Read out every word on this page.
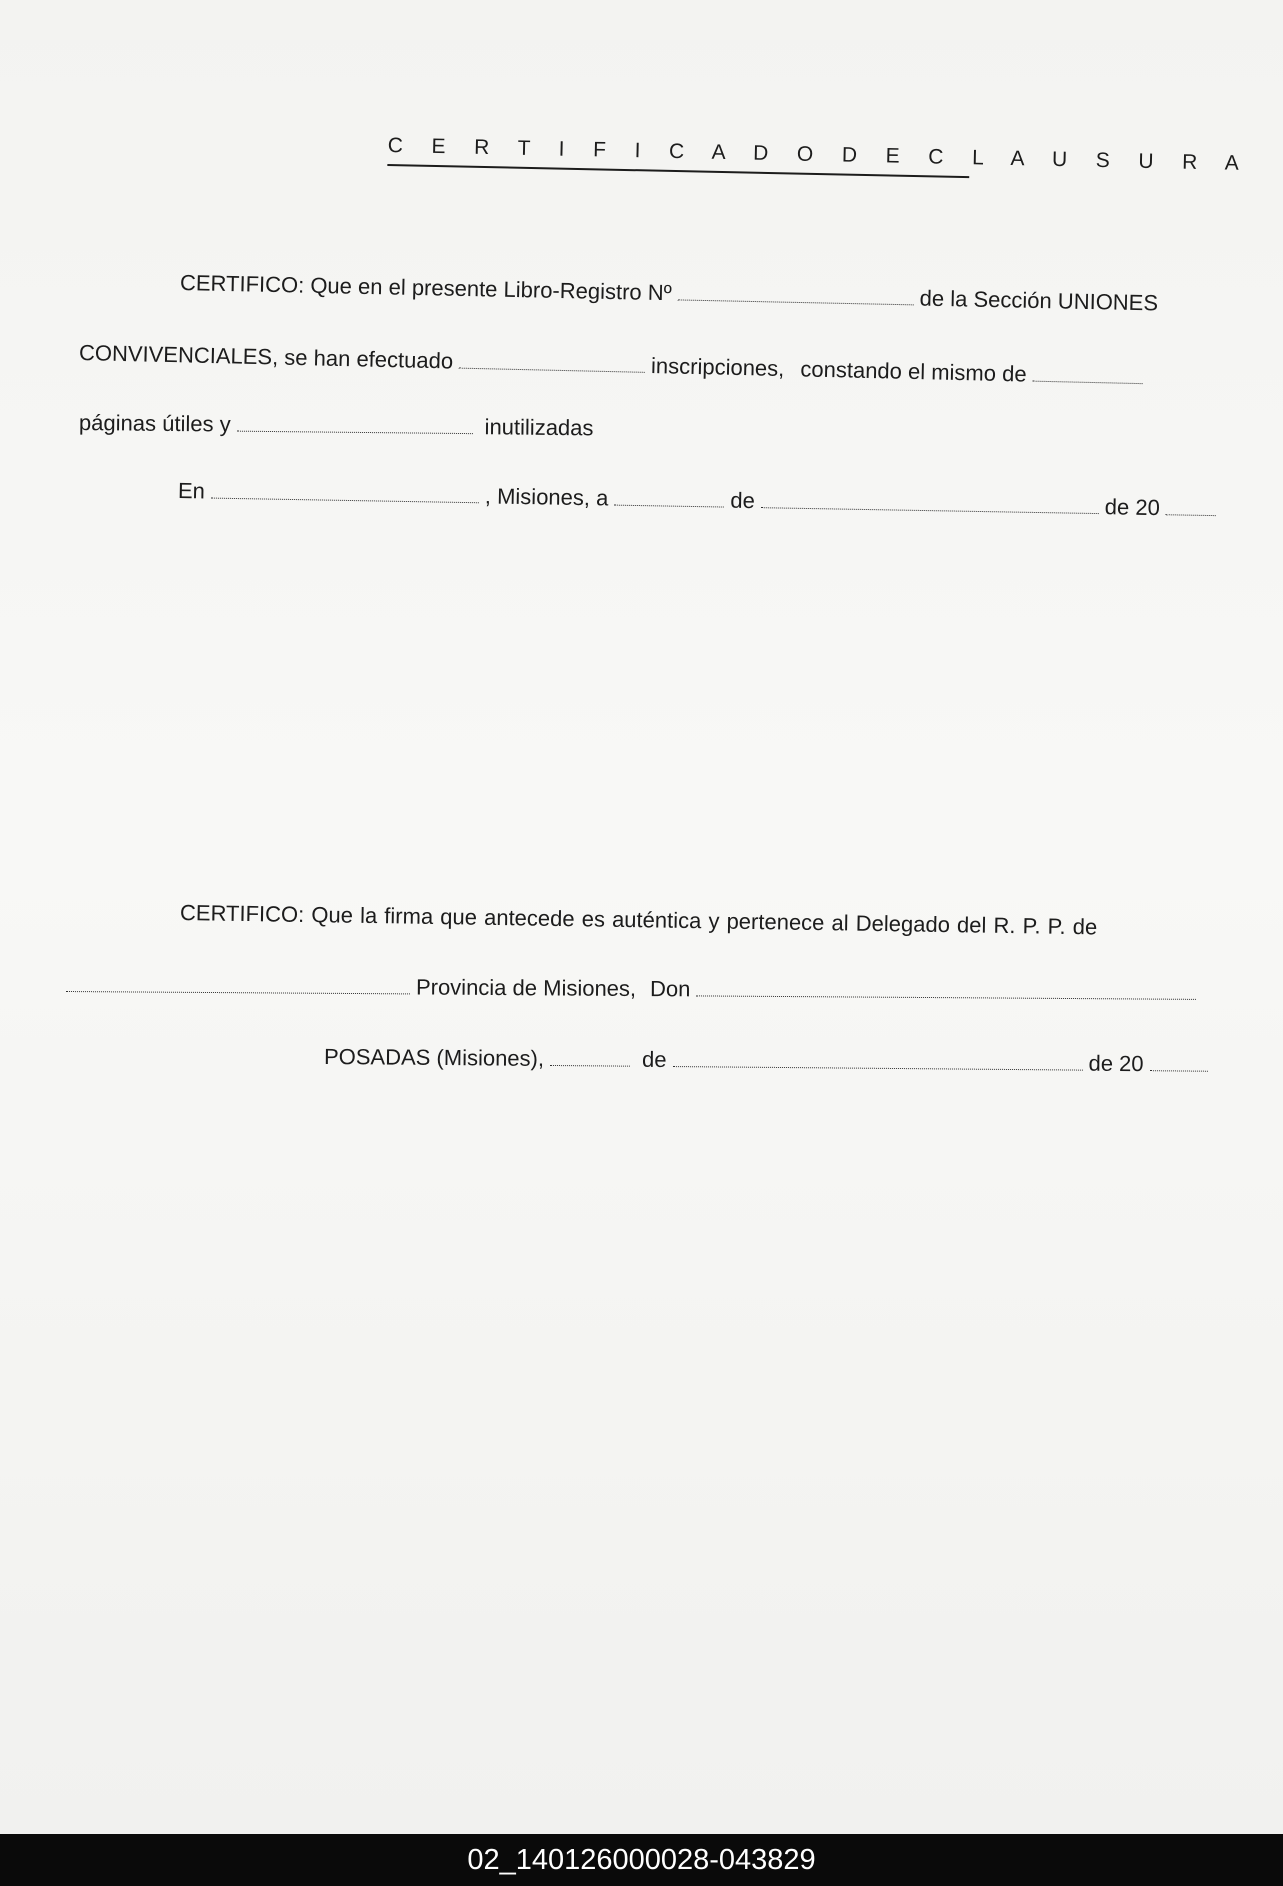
C E R T I F I C A D O D E C L A U S U R A
CERTIFICO: Que en el presente Libro-Registro Nº	de la Sección UNIONES
CONVIVENCIALES, se han efectuado	inscripciones, constando el mismo de
páginas útiles y	inutilizadas
En	, Misiones, a	de	de 20
CERTIFICO: Que la firma que antecede es auténtica y pertenece al Delegado del R. P. P. de
Provincia de Misiones, Don
POSADAS (Misiones),	de	de 20
02_140126000028-043829
